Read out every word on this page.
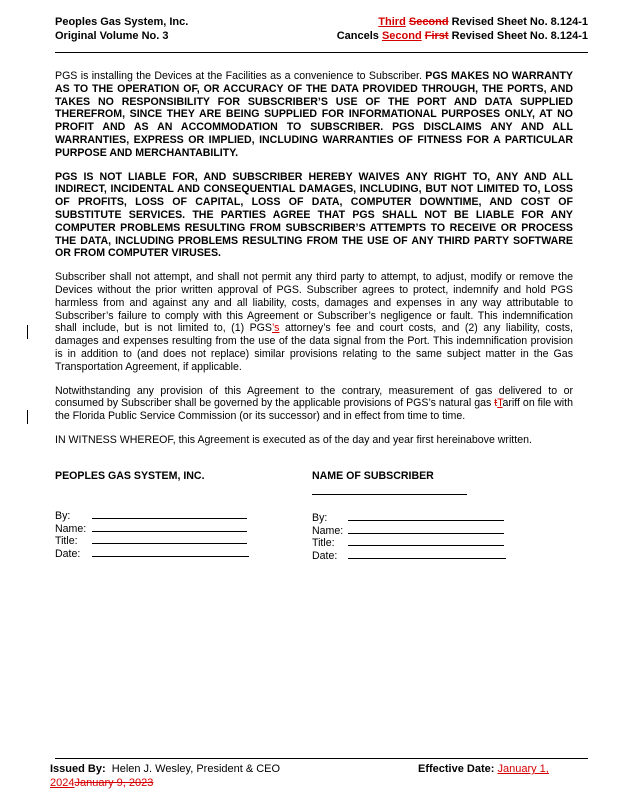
Peoples Gas System, Inc.
Original Volume No. 3
Third Second Revised Sheet No. 8.124-1
Cancels Second First Revised Sheet No. 8.124-1

PGS is installing the Devices at the Facilities as a convenience to Subscriber. PGS MAKES NO WARRANTY AS TO THE OPERATION OF, OR ACCURACY OF THE DATA PROVIDED THROUGH, THE PORTS, AND TAKES NO RESPONSIBILITY FOR SUBSCRIBER’S USE OF THE PORT AND DATA SUPPLIED THEREFROM, SINCE THEY ARE BEING SUPPLIED FOR INFORMATIONAL PURPOSES ONLY, AT NO PROFIT AND AS AN ACCOMMODATION TO SUBSCRIBER. PGS DISCLAIMS ANY AND ALL WARRANTIES, EXPRESS OR IMPLIED, INCLUDING WARRANTIES OF FITNESS FOR A PARTICULAR PURPOSE AND MERCHANTABILITY.

PGS IS NOT LIABLE FOR, AND SUBSCRIBER HEREBY WAIVES ANY RIGHT TO, ANY AND ALL INDIRECT, INCIDENTAL AND CONSEQUENTIAL DAMAGES, INCLUDING, BUT NOT LIMITED TO, LOSS OF PROFITS, LOSS OF CAPITAL, LOSS OF DATA, COMPUTER DOWNTIME, AND COST OF SUBSTITUTE SERVICES. THE PARTIES AGREE THAT PGS SHALL NOT BE LIABLE FOR ANY COMPUTER PROBLEMS RESULTING FROM SUBSCRIBER’S ATTEMPTS TO RECEIVE OR PROCESS THE DATA, INCLUDING PROBLEMS RESULTING FROM THE USE OF ANY THIRD PARTY SOFTWARE OR FROM COMPUTER VIRUSES.

Subscriber shall not attempt, and shall not permit any third party to attempt, to adjust, modify or remove the Devices without the prior written approval of PGS. Subscriber agrees to protect, indemnify and hold PGS harmless from and against any and all liability, costs, damages and expenses in any way attributable to Subscriber’s failure to comply with this Agreement or Subscriber’s negligence or fault. This indemnification shall include, but is not limited to, (1) PGS’s attorney’s fee and court costs, and (2) any liability, costs, damages and expenses resulting from the use of the data signal from the Port. This indemnification provision is in addition to (and does not replace) similar provisions relating to the same subject matter in the Gas Transportation Agreement, if applicable.

Notwithstanding any provision of this Agreement to the contrary, measurement of gas delivered to or consumed by Subscriber shall be governed by the applicable provisions of PGS’s natural gas tTariff on file with the Florida Public Service Commission (or its successor) and in effect from time to time.

IN WITNESS WHEREOF, this Agreement is executed as of the day and year first hereinabove written.

PEOPLES GAS SYSTEM, INC.
By:
Name:
Title:
Date:
NAME OF SUBSCRIBER
By:
Name:
Title:
Date:
Issued By:  Helen J. Wesley, President & CEO	Effective Date: January 1,
2024January 9, 2023
